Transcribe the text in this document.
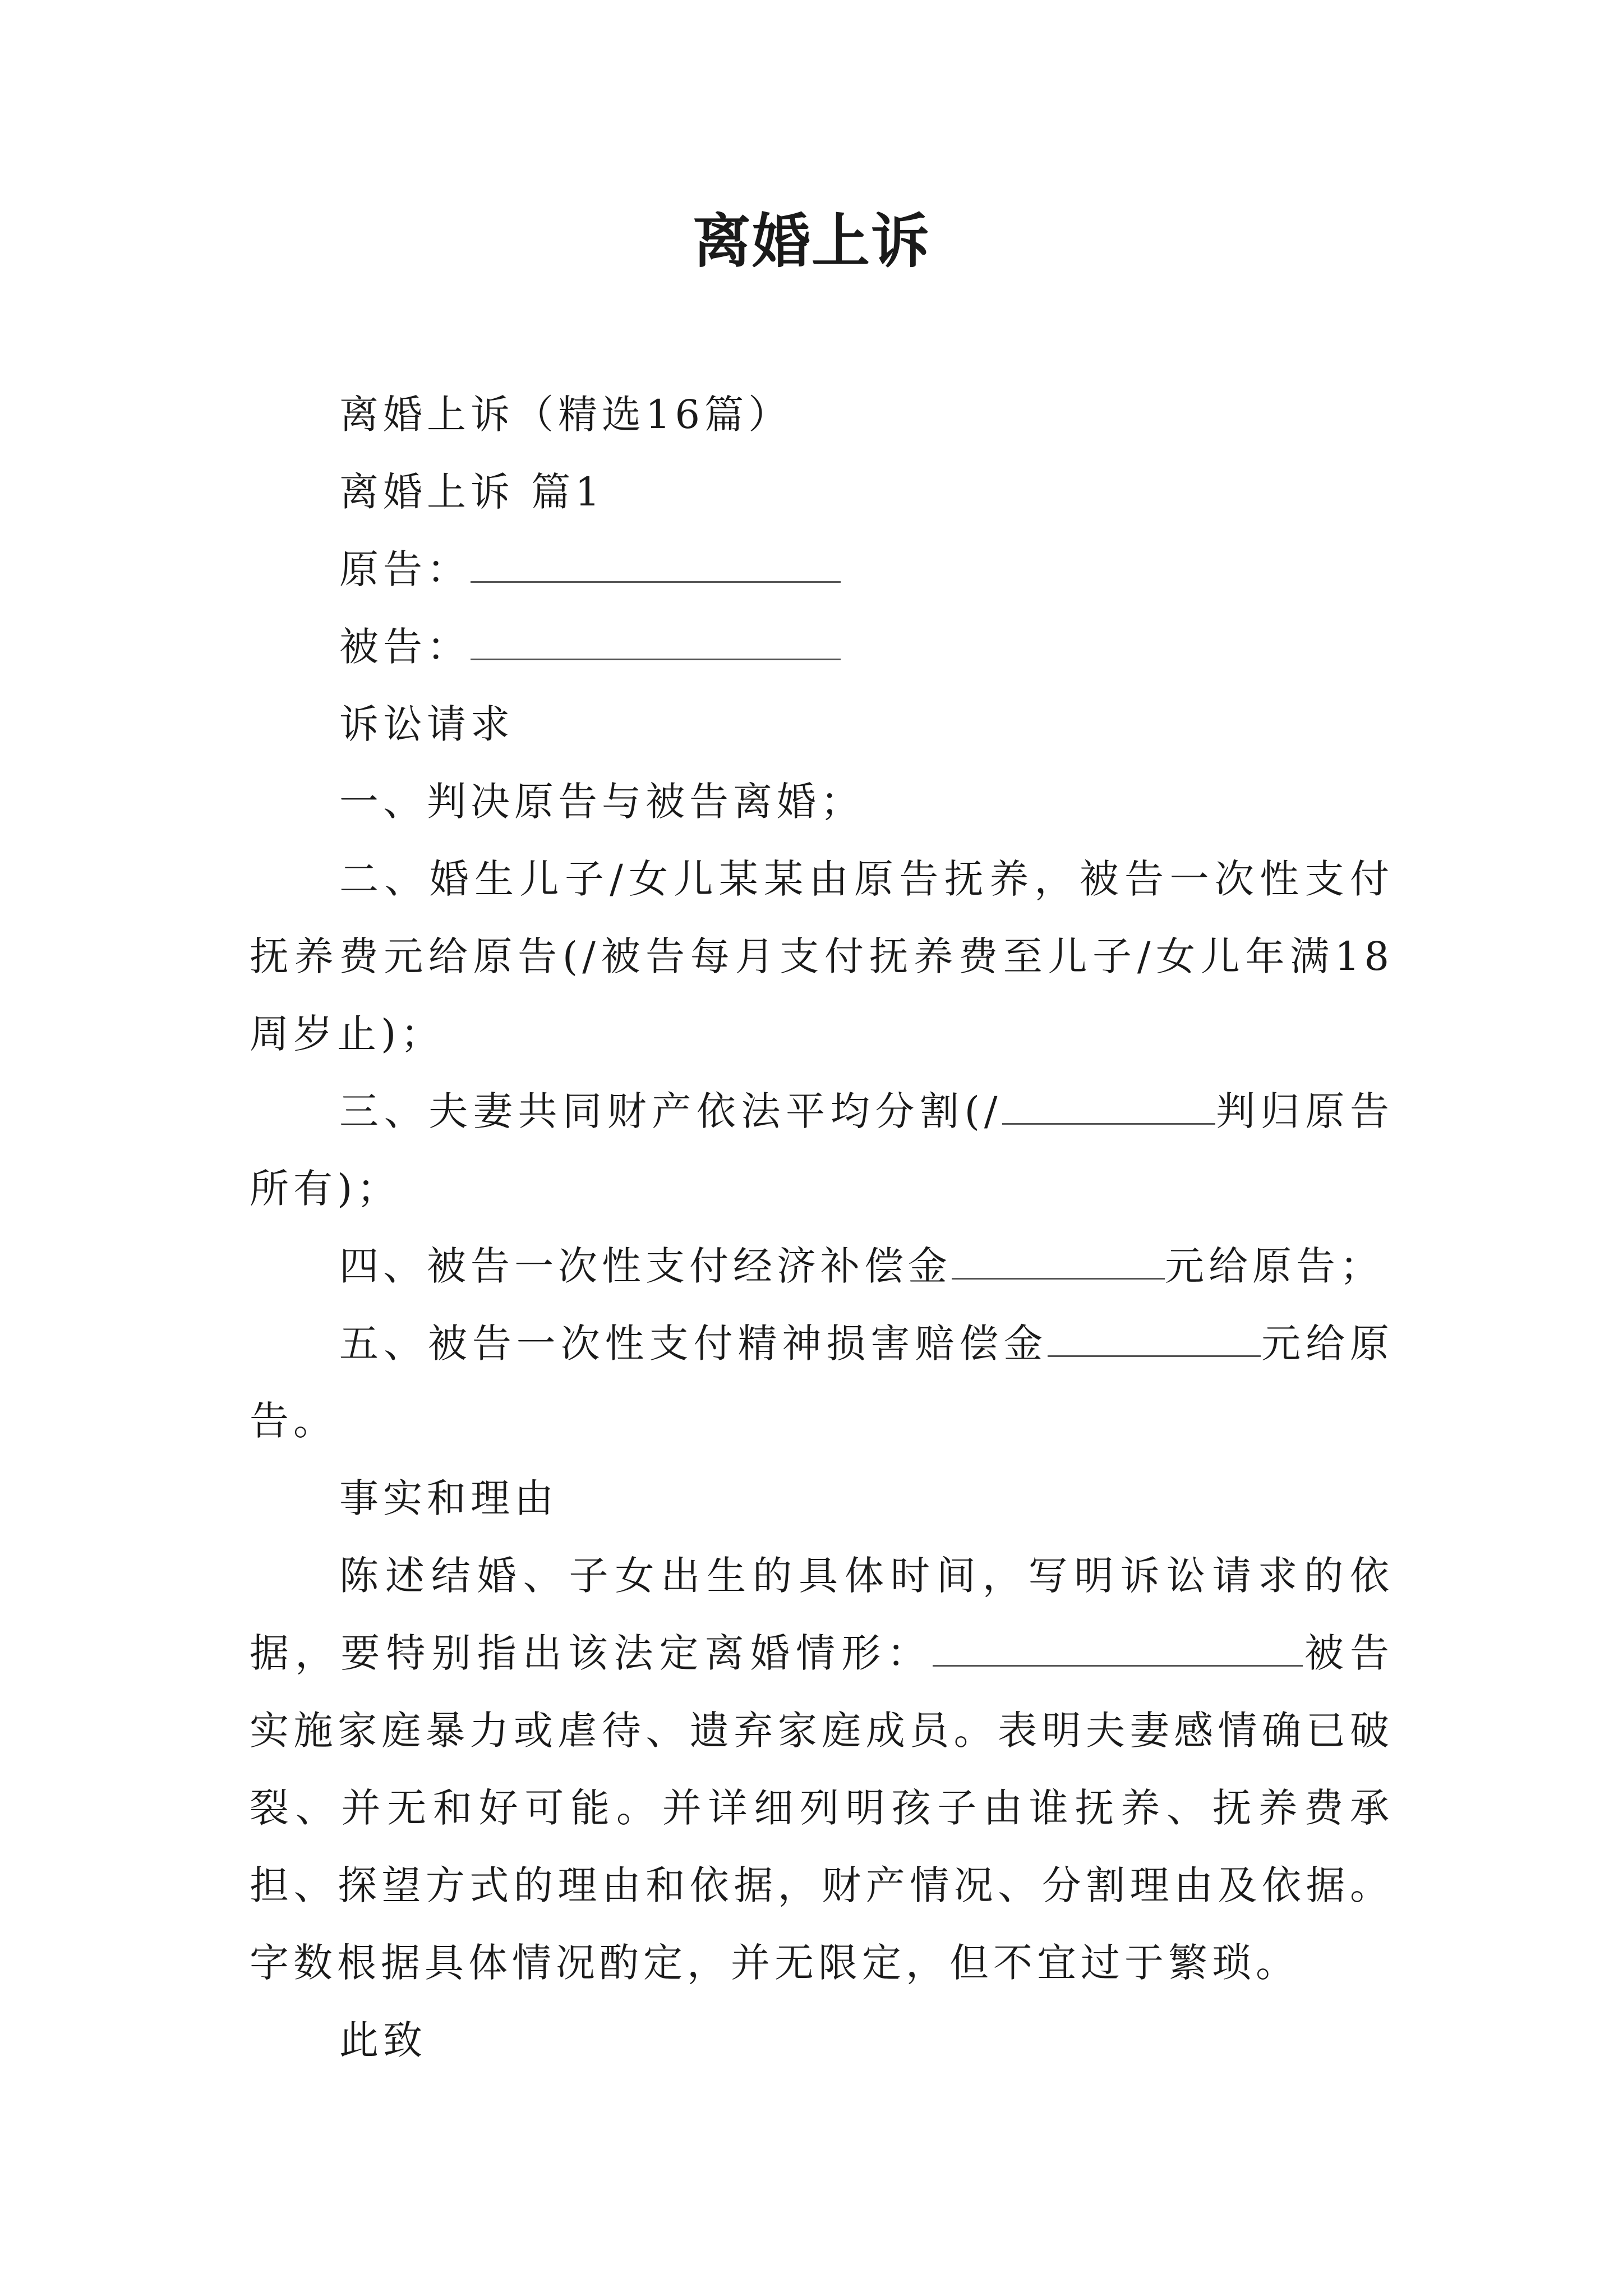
离婚上诉

离婚上诉（精选16篇）

离婚上诉 篇1

原告：

被告：

诉讼请求

一、判决原告与被告离婚；

二、婚生儿子/女儿某某由原告抚养，被告一次性支付抚养费元给原告(/被告每月支付抚养费至儿子/女儿年满18周岁止)；

三、夫妻共同财产依法平均分割(/	判归原告所有)；

四、被告一次性支付经济补偿金	元给原告；

五、被告一次性支付精神损害赔偿金	元给原告。

事实和理由

陈述结婚、子女出生的具体时间，写明诉讼请求的依据，要特别指出该法定离婚情形：	被告实施家庭暴力或虐待、遗弃家庭成员。表明夫妻感情确已破裂、并无和好可能。并详细列明孩子由谁抚养、抚养费承担、探望方式的理由和依据，财产情况、分割理由及依据。字数根据具体情况酌定，并无限定，但不宜过于繁琐。

此致
